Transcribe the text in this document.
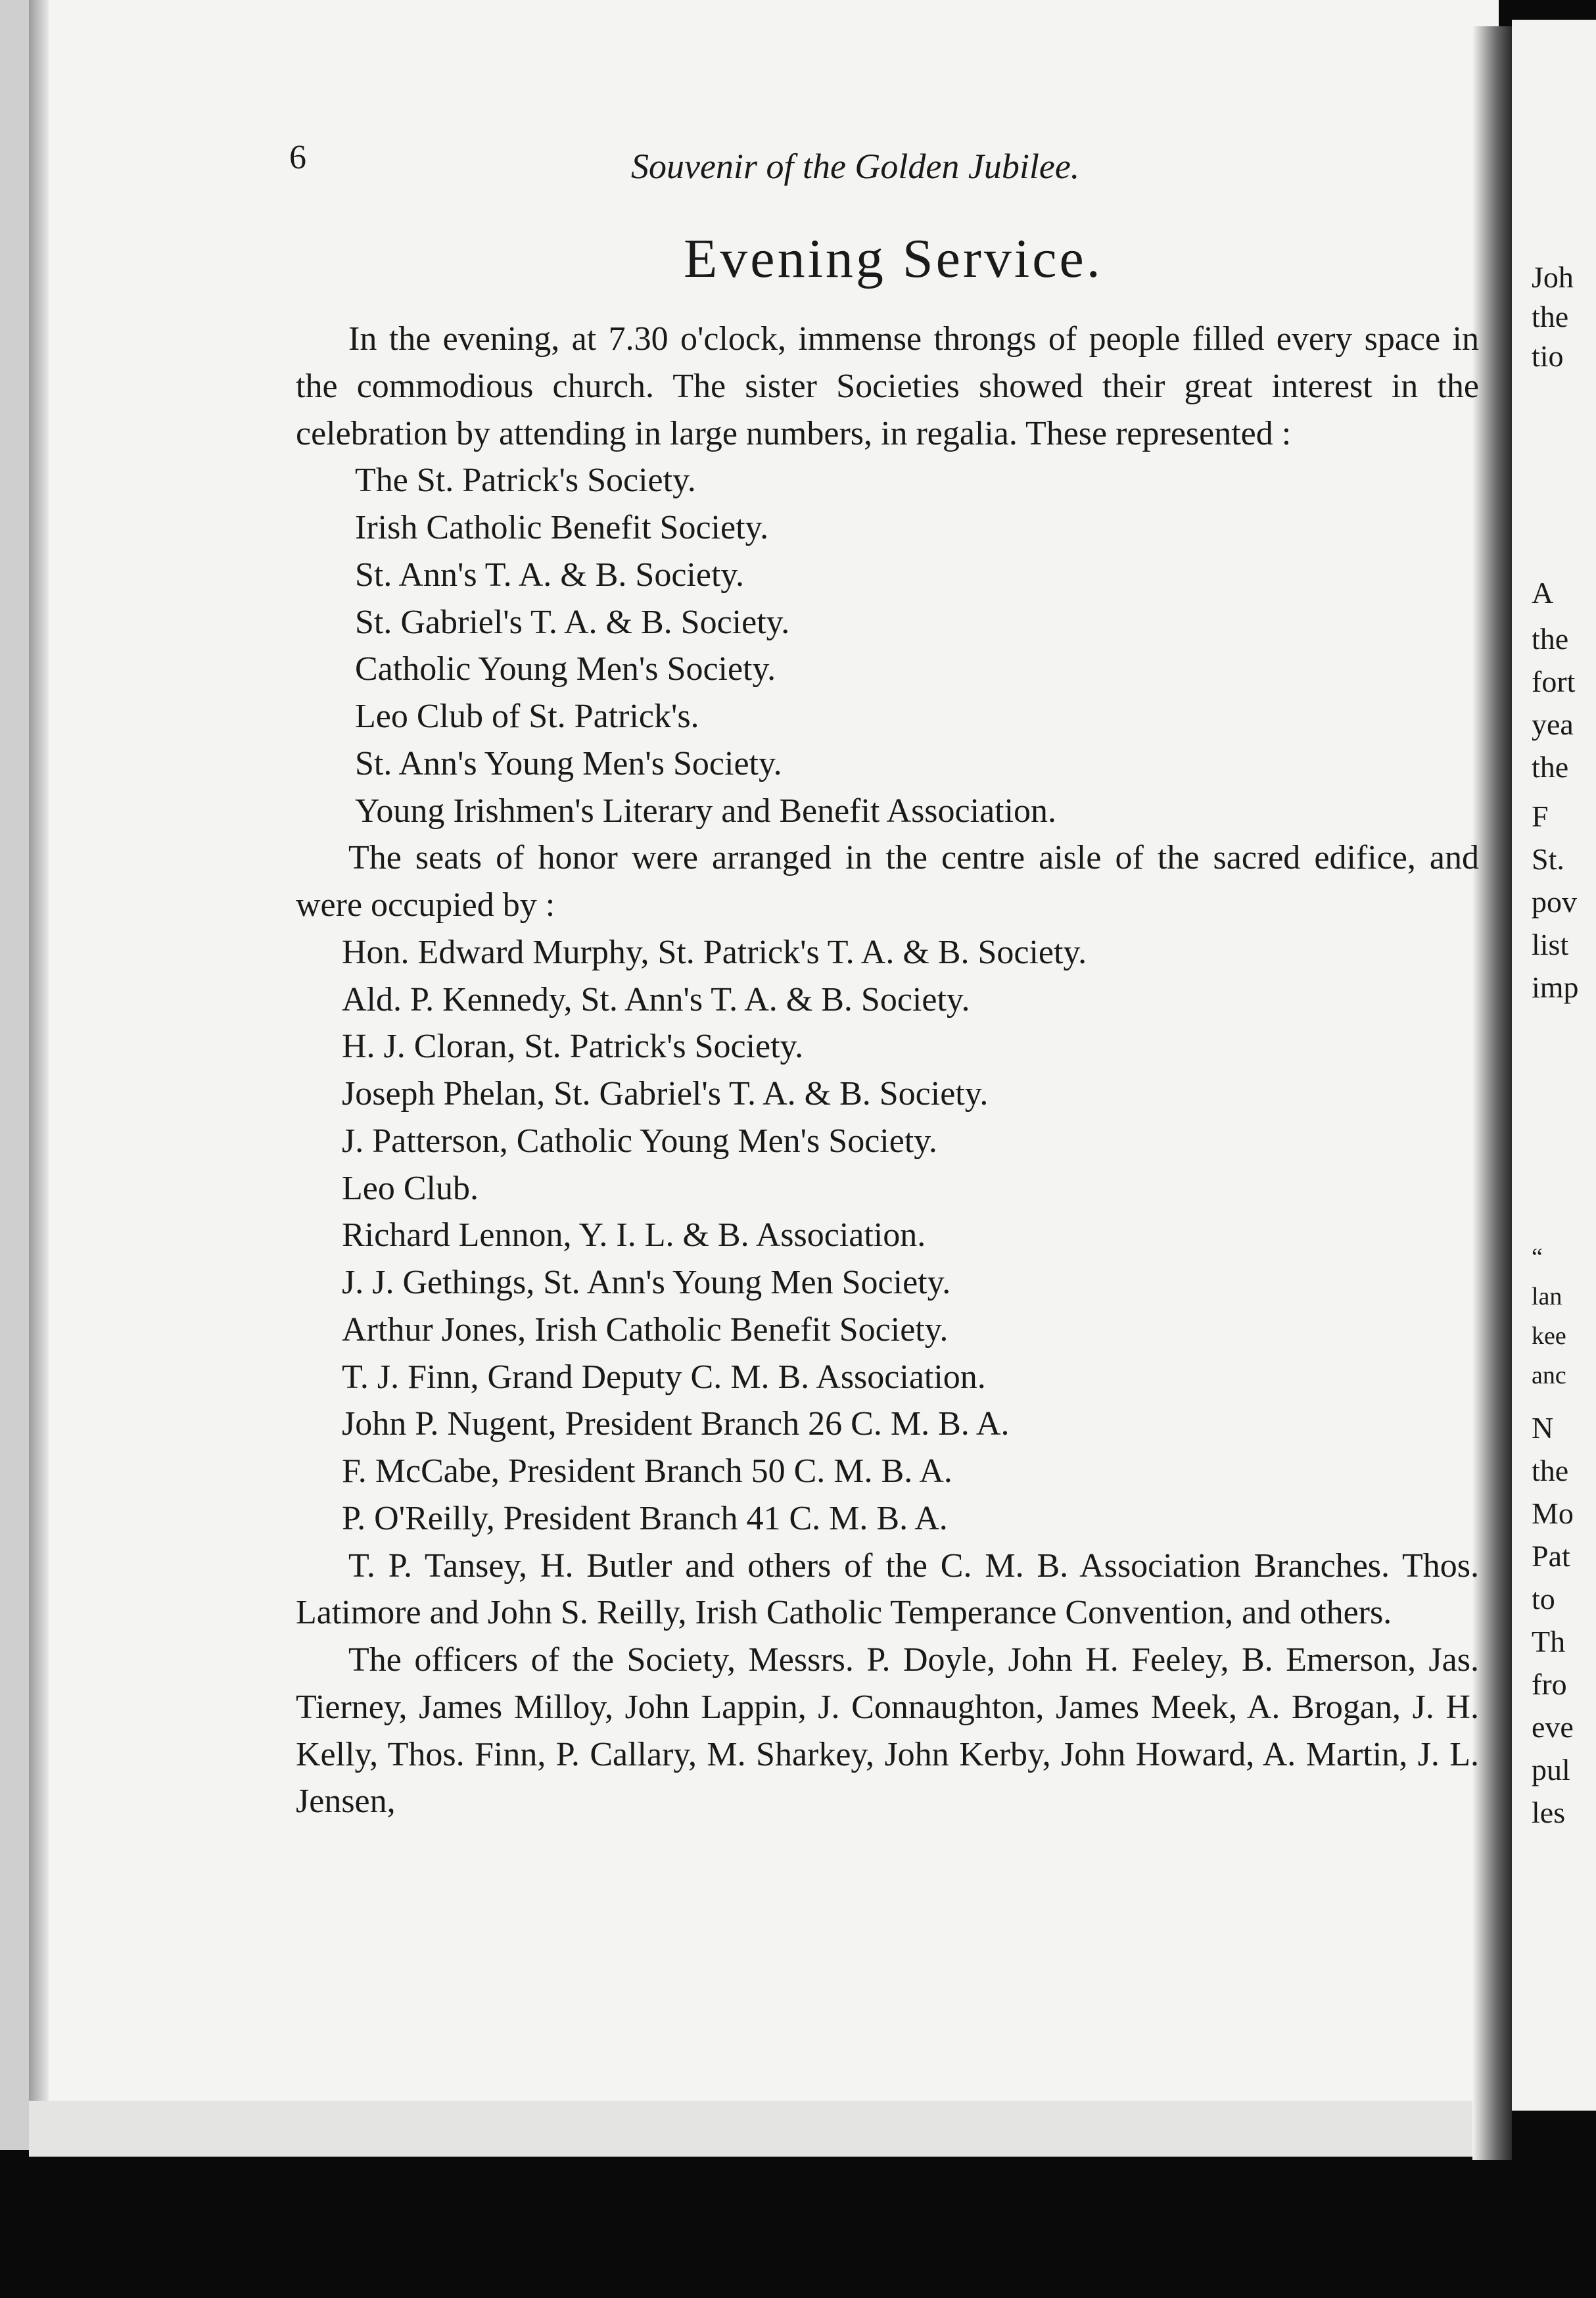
Joh
the
tio
A
the
fort
yea
the
F
St.
pov
list
imp
“
lan
kee
anc
N
the
Mo
Pat
to
Th
fro
eve
pul
les
6	Souvenir of the Golden Jubilee.
Evening Service.

In the evening, at 7.30 o'clock, immense throngs of people filled every space in the commodious church. The sister Societies showed their great interest in the celebration by attending in large numbers, in regalia. These represented :

The St. Patrick's Society.

Irish Catholic Benefit Society.

St. Ann's T. A. & B. Society.

St. Gabriel's T. A. & B. Society.

Catholic Young Men's Society.

Leo Club of St. Patrick's.

St. Ann's Young Men's Society.

Young Irishmen's Literary and Benefit Association.

The seats of honor were arranged in the centre aisle of the sacred edifice, and were occupied by :

Hon. Edward Murphy, St. Patrick's T. A. & B. Society.

Ald. P. Kennedy, St. Ann's T. A. & B. Society.

H. J. Cloran, St. Patrick's Society.

Joseph Phelan, St. Gabriel's T. A. & B. Society.

J. Patterson, Catholic Young Men's Society.

Leo Club.

Richard Lennon, Y. I. L. & B. Association.

J. J. Gethings, St. Ann's Young Men Society.

Arthur Jones, Irish Catholic Benefit Society.

T. J. Finn, Grand Deputy C. M. B. Association.

John P. Nugent, President Branch 26 C. M. B. A.

F. McCabe, President Branch 50 C. M. B. A.

P. O'Reilly, President Branch 41 C. M. B. A.

T. P. Tansey, H. Butler and others of the C. M. B. Association Branches. Thos. Latimore and John S. Reilly, Irish Catholic Temperance Convention, and others.

The officers of the Society, Messrs. P. Doyle, John H. Feeley, B. Emerson, Jas. Tierney, James Milloy, John Lappin, J. Connaughton, James Meek, A. Brogan, J. H. Kelly, Thos. Finn, P. Callary, M. Sharkey, John Kerby, John Howard, A. Martin, J. L. Jensen,
